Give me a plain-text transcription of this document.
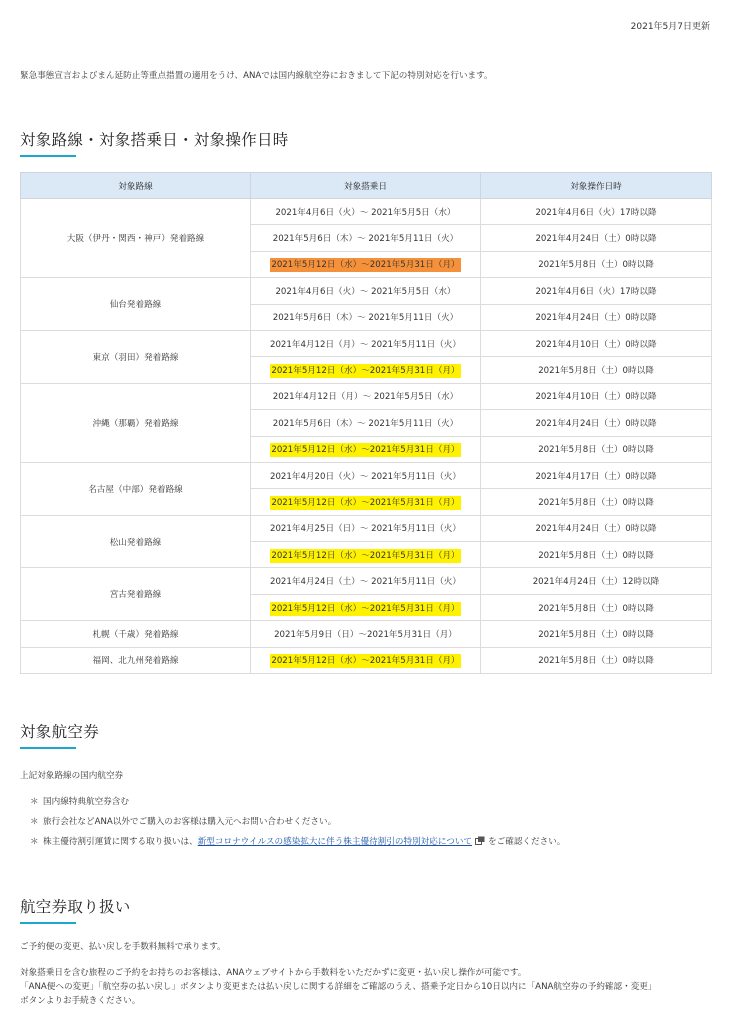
2021年5月7日更新
緊急事態宣言およびまん延防止等重点措置の適用をうけ、ANAでは国内線航空券におきまして下記の特別対応を行います。
対象路線・対象搭乗日・対象操作日時
対象路線	対象搭乗日	対象操作日時
大阪（伊丹・関西・神戸）発着路線	2021年4月6日（火）〜 2021年5月5日（水）	2021年4月6日（火）17時以降
	2021年5月6日（木）〜 2021年5月11日（火）	2021年4月24日（土）0時以降
	2021年5月12日（水）〜2021年5月31日（月）	2021年5月8日（土）0時以降
仙台発着路線	2021年4月6日（火）〜 2021年5月5日（水）	2021年4月6日（火）17時以降
	2021年5月6日（木）〜 2021年5月11日（火）	2021年4月24日（土）0時以降
東京（羽田）発着路線	2021年4月12日（月）〜 2021年5月11日（火）	2021年4月10日（土）0時以降
	2021年5月12日（水）〜2021年5月31日（月）	2021年5月8日（土）0時以降
沖縄（那覇）発着路線	2021年4月12日（月）〜 2021年5月5日（水）	2021年4月10日（土）0時以降
	2021年5月6日（木）〜 2021年5月11日（火）	2021年4月24日（土）0時以降
	2021年5月12日（水）〜2021年5月31日（月）	2021年5月8日（土）0時以降
名古屋（中部）発着路線	2021年4月20日（火）〜 2021年5月11日（火）	2021年4月17日（土）0時以降
	2021年5月12日（水）〜2021年5月31日（月）	2021年5月8日（土）0時以降
松山発着路線	2021年4月25日（日）〜 2021年5月11日（火）	2021年4月24日（土）0時以降
	2021年5月12日（水）〜2021年5月31日（月）	2021年5月8日（土）0時以降
宮古発着路線	2021年4月24日（土）〜 2021年5月11日（火）	2021年4月24日（土）12時以降
	2021年5月12日（水）〜2021年5月31日（月）	2021年5月8日（土）0時以降
札幌（千歳）発着路線	2021年5月9日（日）〜2021年5月31日（月）	2021年5月8日（土）0時以降
福岡、北九州発着路線	2021年5月12日（水）〜2021年5月31日（月）	2021年5月8日（土）0時以降
対象航空券
上記対象路線の国内航空券
＊ 国内線特典航空券含む
＊ 旅行会社などANA以外でご購入のお客様は購入元へお問い合わせください。
＊ 株主優待割引運賃に関する取り扱いは、新型コロナウイルスの感染拡大に伴う株主優待割引の特別対応について をご確認ください。
航空券取り扱い
ご予約便の変更、払い戻しを手数料無料で承ります。
対象搭乗日を含む旅程のご予約をお持ちのお客様は、ANAウェブサイトから手数料をいただかずに変更・払い戻し操作が可能です。
「ANA便への変更」「航空券の払い戻し」ボタンより変更または払い戻しに関する詳細をご確認のうえ、搭乗予定日から10日以内に「ANA航空券の予約確認・変更」
ボタンよりお手続きください。
